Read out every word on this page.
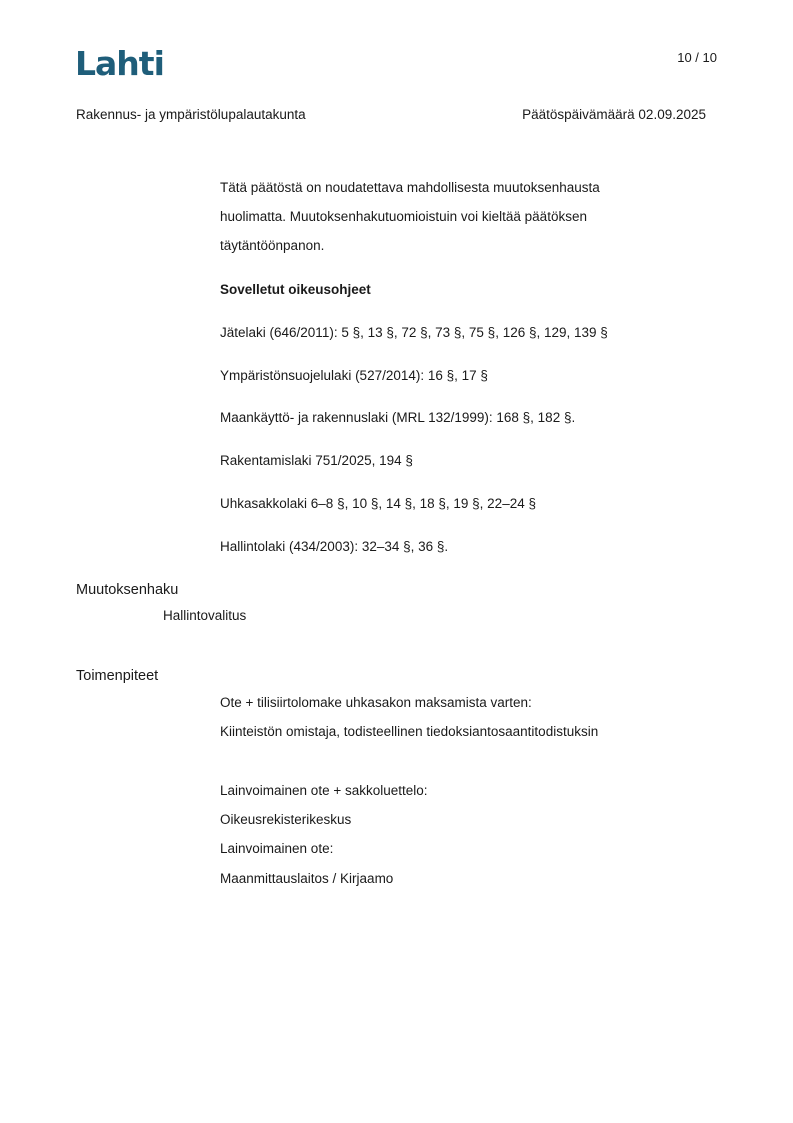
Lahti	10 / 10
Rakennus- ja ympäristölupalautakunta	Päätöspäivämäärä 02.09.2025
Tätä päätöstä on noudatettava mahdollisesta muutoksenhausta
huolimatta. Muutoksenhakutuomioistuin voi kieltää päätöksen
täytäntöönpanon.
Sovelletut oikeusohjeet
Jätelaki (646/2011): 5 §, 13 §, 72 §, 73 §, 75 §, 126 §, 129, 139 §
Ympäristönsuojelulaki (527/2014): 16 §, 17 §
Maankäyttö- ja rakennuslaki (MRL 132/1999): 168 §, 182 §.
Rakentamislaki 751/2025, 194 §
Uhkasakkolaki 6–8 §, 10 §, 14 §, 18 §, 19 §, 22–24 §
Hallintolaki (434/2003): 32–34 §, 36 §.
Muutoksenhaku
Hallintovalitus
Toimenpiteet
Ote + tilisiirtolomake uhkasakon maksamista varten:
Kiinteistön omistaja, todisteellinen tiedoksiantosaantitodistuksin
Lainvoimainen ote + sakkoluettelo:
Oikeusrekisterikeskus
Lainvoimainen ote:
Maanmittauslaitos / Kirjaamo
